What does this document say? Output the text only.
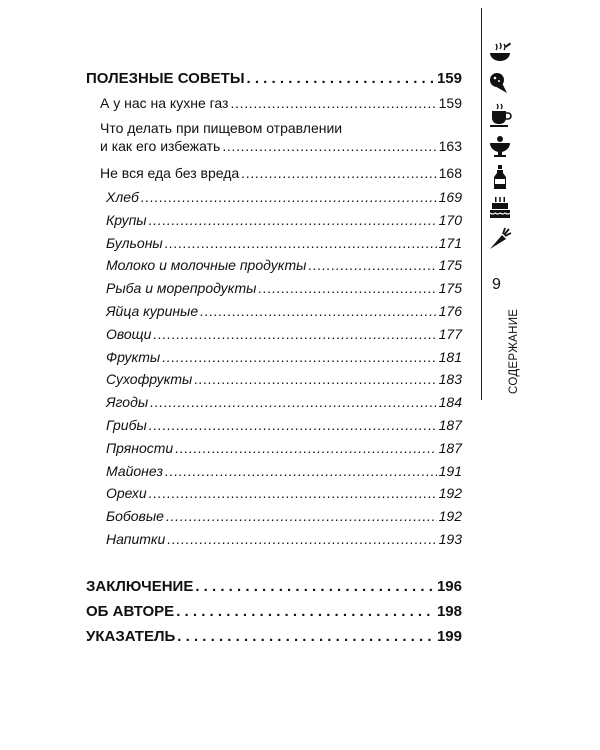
ПОЛЕЗНЫЕ СОВЕТЫ . . .	159
А у нас на кухне газ . . .	159
Что делать при пищевом отравлении
и как его избежать . . .	163
Не вся еда без вреда . . .	168
Хлеб . . .	169
Крупы . . .	170
Бульоны . . .	171
Молоко и молочные продукты . . .	175
Рыба и морепродукты . . .	175
Яйца куриные . . .	176
Овощи . . .	177
Фрукты . . .	181
Сухофрукты . . .	183
Ягоды . . .	184
Грибы . . .	187
Пряности . . .	187
Майонез . . .	191
Орехи . . .	192
Бобовые . . .	192
Напитки . . .	193
ЗАКЛЮЧЕНИЕ . . .	196
ОБ АВТОРЕ . . .	198
УКАЗАТЕЛЬ . . .	199
9
СОДЕРЖАНИЕ
